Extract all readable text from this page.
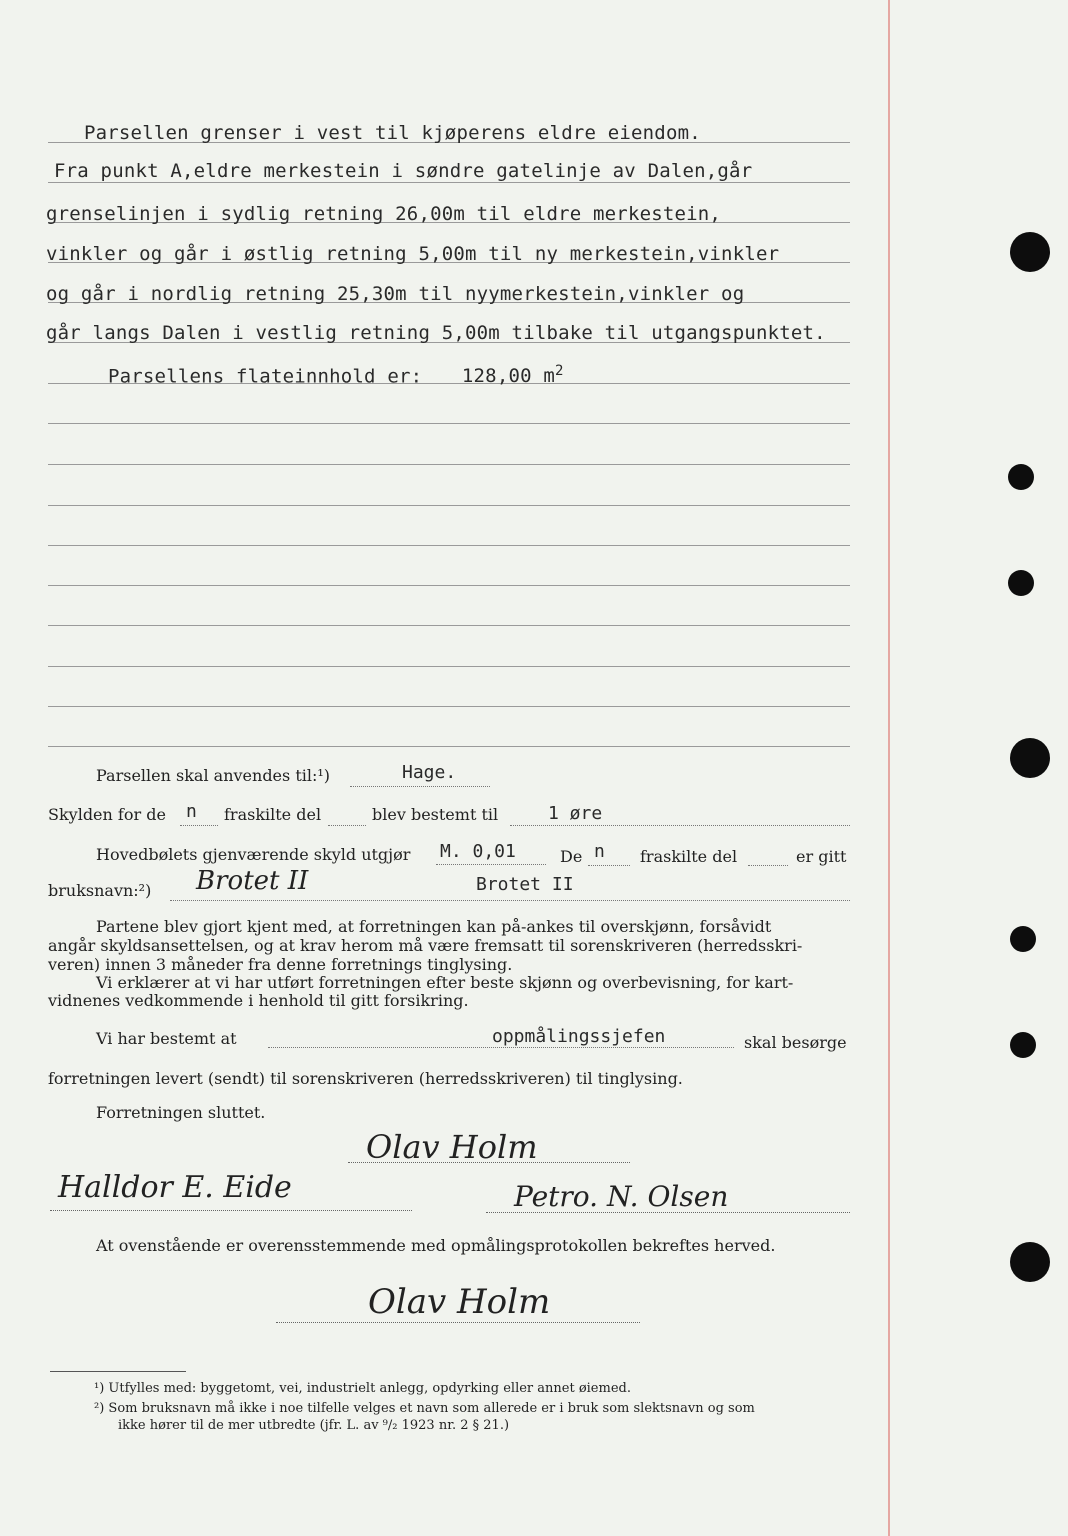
Parsellen grenser i vest til kjøperens eldre eiendom.
Fra punkt A,eldre merkestein i søndre gatelinje av Dalen,går
grenselinjen i sydlig retning 26,00m til eldre merkestein,
vinkler og går i østlig retning 5,00m til ny merkestein,vinkler
og går i nordlig retning 25,30m til nyymerkestein,vinkler og
går langs Dalen i vestlig retning 5,00m tilbake til utgangspunktet.
Parsellens flateinnhold er: 128,00 $m^2$
Parsellen skal anvendes til:¹)	Hage.
Skylden for de n fraskilte del	blev bestemt til	1 øre
Hovedbølets gjenværende skyld utgjør M. 0,01	De n fraskilte del	er gitt
bruksnavn:²) Brotet II	Brotet II
Partene blev gjort kjent med, at forretningen kan på-ankes til overskjønn, forsåvidt
angår skyldsansettelsen, og at krav herom må være fremsatt til sorenskriveren (herredsskri-
veren) innen 3 måneder fra denne forretnings tinglysing.
Vi erklærer at vi har utført forretningen efter beste skjønn og overbevisning, for kart-
vidnenes vedkommende i henhold til gitt forsikring.
Vi har bestemt at	oppmålingssjefen	skal besørge
forretningen levert (sendt) til sorenskriveren (herredsskriveren) til tinglysing.
Forretningen sluttet.
Olav Holm
Halldor E. Eide	Petro. N. Olsen
At ovenstående er overensstemmende med opmålingsprotokollen bekreftes herved.
Olav Holm
¹) Utfylles med: byggetomt, vei, industrielt anlegg, opdyrking eller annet øiemed.
²) Som bruksnavn må ikke i noe tilfelle velges et navn som allerede er i bruk som slektsnavn og som
ikke hører til de mer utbredte (jfr. L. av ⁹/₂ 1923 nr. 2 § 21.)
